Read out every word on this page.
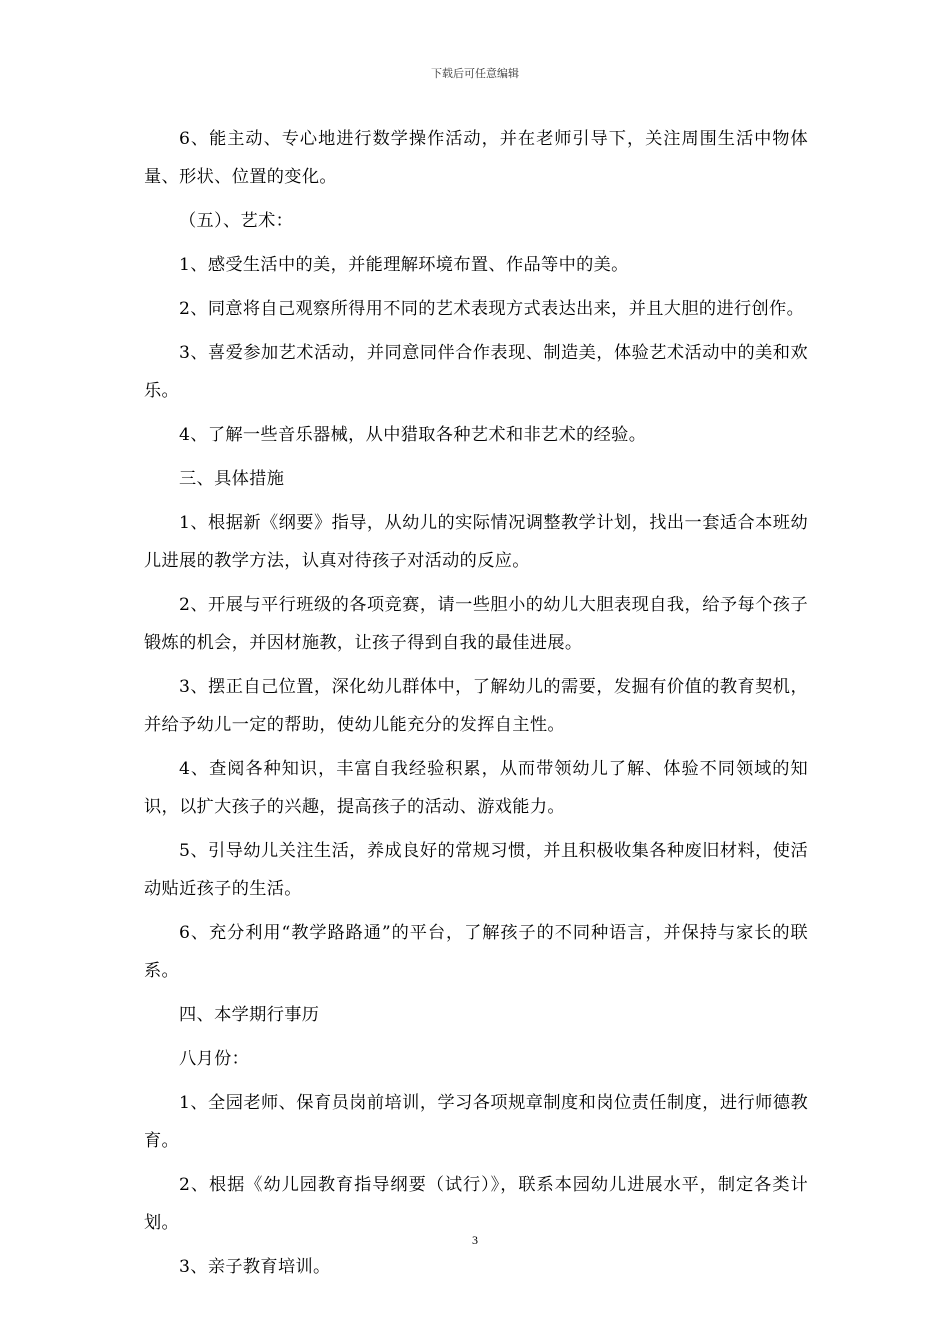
下载后可任意编辑

6、能主动、专心地进行数学操作活动，并在老师引导下，关注周围生活中物体量、形状、位置的变化。

（五）、艺术：

1、感受生活中的美，并能理解环境布置、作品等中的美。

2、同意将自己观察所得用不同的艺术表现方式表达出来，并且大胆的进行创作。

3、喜爱参加艺术活动，并同意同伴合作表现、制造美，体验艺术活动中的美和欢乐。

4、了解一些音乐器械，从中猎取各种艺术和非艺术的经验。

三、具体措施

1、根据新《纲要》指导，从幼儿的实际情况调整教学计划，找出一套适合本班幼儿进展的教学方法，认真对待孩子对活动的反应。

2、开展与平行班级的各项竞赛，请一些胆小的幼儿大胆表现自我，给予每个孩子锻炼的机会，并因材施教，让孩子得到自我的最佳进展。

3、摆正自己位置，深化幼儿群体中，了解幼儿的需要，发掘有价值的教育契机，并给予幼儿一定的帮助，使幼儿能充分的发挥自主性。

4、查阅各种知识，丰富自我经验积累，从而带领幼儿了解、体验不同领域的知识，以扩大孩子的兴趣，提高孩子的活动、游戏能力。

5、引导幼儿关注生活，养成良好的常规习惯，并且积极收集各种废旧材料，使活动贴近孩子的生活。

6、充分利用“教学路路通”的平台，了解孩子的不同种语言，并保持与家长的联系。

四、本学期行事历

八月份：

1、全园老师、保育员岗前培训，学习各项规章制度和岗位责任制度，进行师德教育。

2、根据《幼儿园教育指导纲要（试行）》，联系本园幼儿进展水平，制定各类计划。

3、亲子教育培训。

3
